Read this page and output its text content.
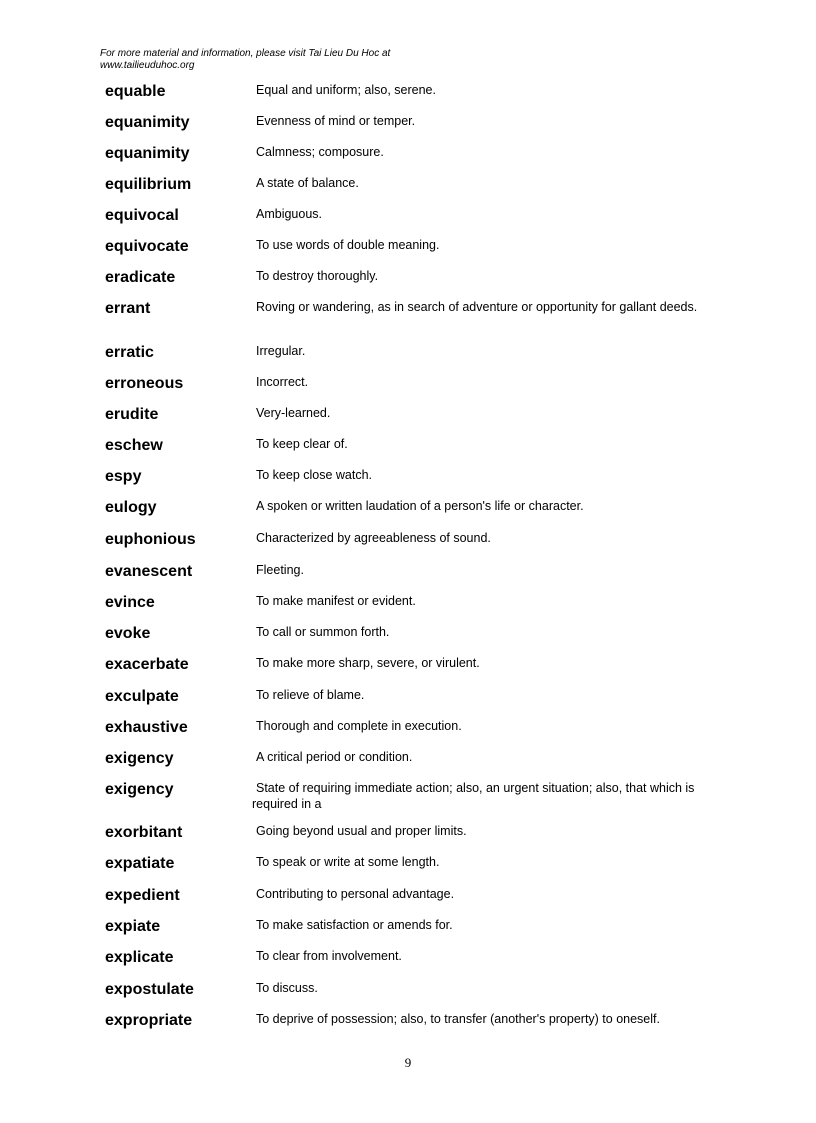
For more material and information, please visit Tai Lieu Du Hoc at
www.tailieuduhoc.org
equable	Equal and uniform; also, serene.
equanimity	Evenness of mind or temper.
equanimity	Calmness; composure.
equilibrium	A state of balance.
equivocal	Ambiguous.
equivocate	To use words of double meaning.
eradicate	To destroy thoroughly.
errant	Roving or wandering, as in search of adventure or opportunity for gallant deeds.
erratic	Irregular.
erroneous	Incorrect.
erudite	Very-learned.
eschew	To keep clear of.
espy	To keep close watch.
eulogy	A spoken or written laudation of a person's life or character.
euphonious	Characterized by agreeableness of sound.
evanescent	Fleeting.
evince	To make manifest or evident.
evoke	To call or summon forth.
exacerbate	To make more sharp, severe, or virulent.
exculpate	To relieve of blame.
exhaustive	Thorough and complete in execution.
exigency	A critical period or condition.
exigency	State of requiring immediate action; also, an urgent situation; also, that which is required in a
exorbitant	Going beyond usual and proper limits.
expatiate	To speak or write at some length.
expedient	Contributing to personal advantage.
expiate	To make satisfaction or amends for.
explicate	To clear from involvement.
expostulate	To discuss.
expropriate	To deprive of possession; also, to transfer (another's property) to oneself.
9
